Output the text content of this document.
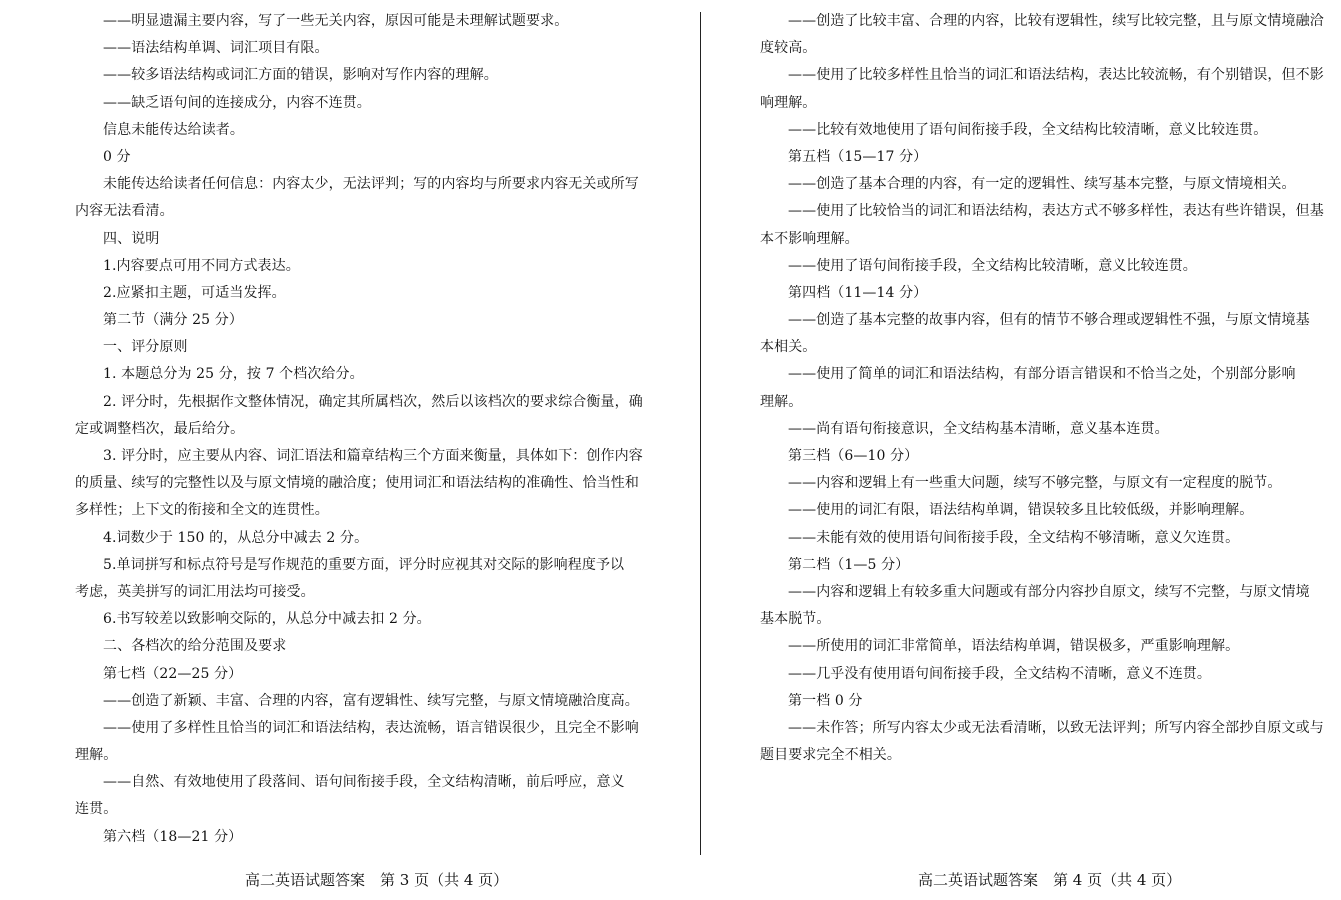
——明显遗漏主要内容，写了一些无关内容，原因可能是未理解试题要求。
——语法结构单调、词汇项目有限。
——较多语法结构或词汇方面的错误，影响对写作内容的理解。
——缺乏语句间的连接成分，内容不连贯。
信息未能传达给读者。
0 分
未能传达给读者任何信息：内容太少，无法评判；写的内容均与所要求内容无关或所写
内容无法看清。
四、说明
1.内容要点可用不同方式表达。
2.应紧扣主题，可适当发挥。
第二节（满分 25 分）
一、评分原则
1. 本题总分为 25 分，按 7 个档次给分。
2. 评分时，先根据作文整体情况，确定其所属档次，然后以该档次的要求综合衡量，确
定或调整档次，最后给分。
3. 评分时，应主要从内容、词汇语法和篇章结构三个方面来衡量，具体如下：创作内容
的质量、续写的完整性以及与原文情境的融洽度；使用词汇和语法结构的准确性、恰当性和
多样性；上下文的衔接和全文的连贯性。
4.词数少于 150 的，从总分中减去 2 分。
5.单词拼写和标点符号是写作规范的重要方面，评分时应视其对交际的影响程度予以
考虑，英美拼写的词汇用法均可接受。
6.书写较差以致影响交际的，从总分中减去扣 2 分。
二、各档次的给分范围及要求
第七档（22—25 分）
——创造了新颖、丰富、合理的内容，富有逻辑性、续写完整，与原文情境融洽度高。
——使用了多样性且恰当的词汇和语法结构，表达流畅，语言错误很少，且完全不影响
理解。
——自然、有效地使用了段落间、语句间衔接手段，全文结构清晰，前后呼应，意义
连贯。
第六档（18—21 分）
——创造了比较丰富、合理的内容，比较有逻辑性，续写比较完整，且与原文情境融洽
度较高。
——使用了比较多样性且恰当的词汇和语法结构，表达比较流畅，有个别错误，但不影
响理解。
——比较有效地使用了语句间衔接手段，全文结构比较清晰，意义比较连贯。
第五档（15—17 分）
——创造了基本合理的内容，有一定的逻辑性、续写基本完整，与原文情境相关。
——使用了比较恰当的词汇和语法结构，表达方式不够多样性，表达有些许错误，但基
本不影响理解。
——使用了语句间衔接手段，全文结构比较清晰，意义比较连贯。
第四档（11—14 分）
——创造了基本完整的故事内容，但有的情节不够合理或逻辑性不强，与原文情境基
本相关。
——使用了简单的词汇和语法结构，有部分语言错误和不恰当之处，个别部分影响
理解。
——尚有语句衔接意识，全文结构基本清晰，意义基本连贯。
第三档（6—10 分）
——内容和逻辑上有一些重大问题，续写不够完整，与原文有一定程度的脱节。
——使用的词汇有限，语法结构单调，错误较多且比较低级，并影响理解。
——未能有效的使用语句间衔接手段，全文结构不够清晰，意义欠连贯。
第二档（1—5 分）
——内容和逻辑上有较多重大问题或有部分内容抄自原文，续写不完整，与原文情境
基本脱节。
——所使用的词汇非常简单，语法结构单调，错误极多，严重影响理解。
——几乎没有使用语句间衔接手段，全文结构不清晰，意义不连贯。
第一档 0 分
——未作答；所写内容太少或无法看清晰，以致无法评判；所写内容全部抄自原文或与
题目要求完全不相关。
高二英语试题答案　第 3 页（共 4 页）	高二英语试题答案　第 4 页（共 4 页）
